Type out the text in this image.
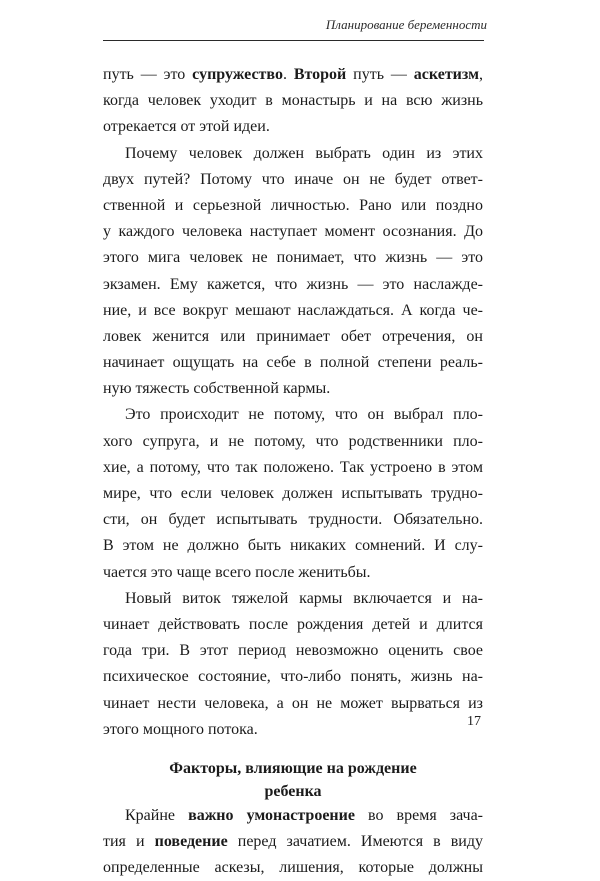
Планирование беременности
путь — это супружество. Второй путь — аскетизм,
когда человек уходит в монастырь и на всю жизнь
отрекается от этой идеи.
Почему человек должен выбрать один из этих
двух путей? Потому что иначе он не будет ответ-
ственной и серьезной личностью. Рано или поздно
у каждого человека наступает момент осознания. До
этого мига человек не понимает, что жизнь — это
экзамен. Ему кажется, что жизнь — это наслажде-
ние, и все вокруг мешают наслаждаться. А когда че-
ловек женится или принимает обет отречения, он
начинает ощущать на себе в полной степени реаль-
ную тяжесть собственной кармы.
Это происходит не потому, что он выбрал пло-
хого супруга, и не потому, что родственники пло-
хие, а потому, что так положено. Так устроено в этом
мире, что если человек должен испытывать трудно-
сти, он будет испытывать трудности. Обязательно.
В этом не должно быть никаких сомнений. И слу-
чается это чаще всего после женитьбы.
Новый виток тяжелой кармы включается и на-
чинает действовать после рождения детей и длится
года три. В этот период невозможно оценить свое
психическое состояние, что-либо понять, жизнь на-
чинает нести человека, а он не может вырваться из
этого мощного потока.
Факторы, влияющие на рождение
ребенка
Крайне важно умонастроение во время зача-
тия и поведение перед зачатием. Имеются в виду
определенные аскезы, лишения, которые должны
17
